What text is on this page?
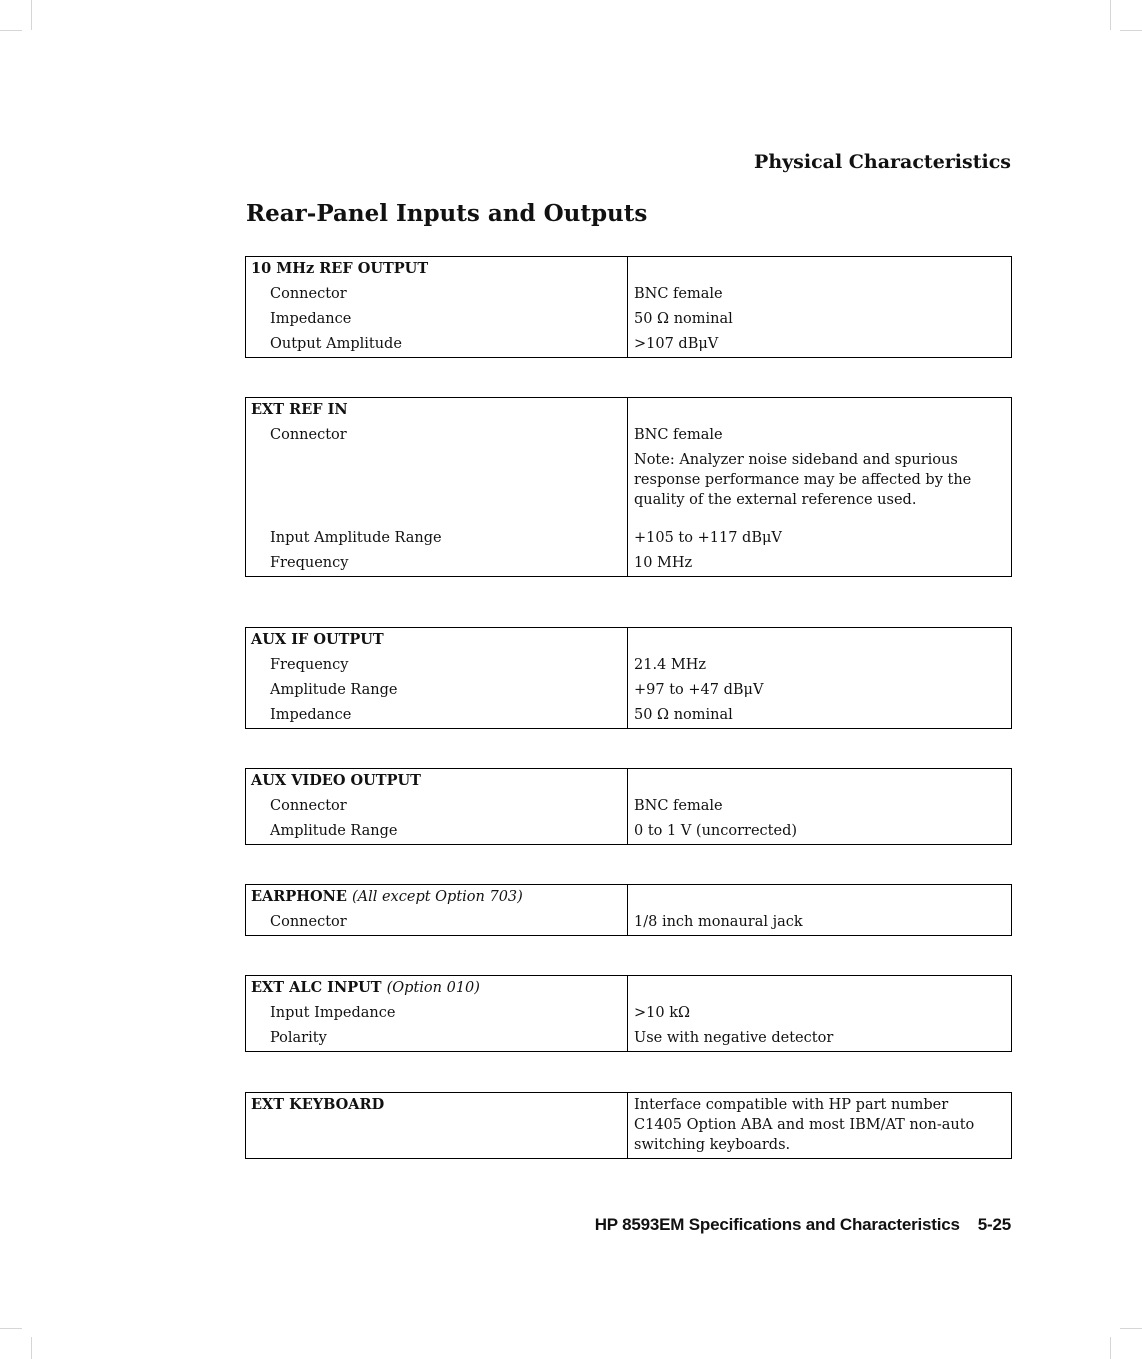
Physical Characteristics
Rear-Panel Inputs and Outputs
10 MHz REF OUTPUT	

Connector	BNC female

Impedance	50 Ω nominal

Output Amplitude	>107 dBμV
EXT REF IN	

Connector	BNC female

	Note: Analyzer noise sideband and spurious response performance may be affected by the quality of the external reference used.

Input Amplitude Range	+105 to +117 dBμV

Frequency	10 MHz
AUX IF OUTPUT	

Frequency	21.4 MHz

Amplitude Range	+97 to +47 dBμV

Impedance	50 Ω nominal
AUX VIDEO OUTPUT	

Connector	BNC female

Amplitude Range	0 to 1 V (uncorrected)
EARPHONE (All except Option 703)	

Connector	1/8 inch monaural jack
EXT ALC INPUT (Option 010)	

Input Impedance	>10 kΩ

Polarity	Use with negative detector
EXT KEYBOARD	Interface compatible with HP part number C1405 Option ABA and most IBM/AT non-auto switching keyboards.
HP 8593EM Specifications and Characteristics 5-25
